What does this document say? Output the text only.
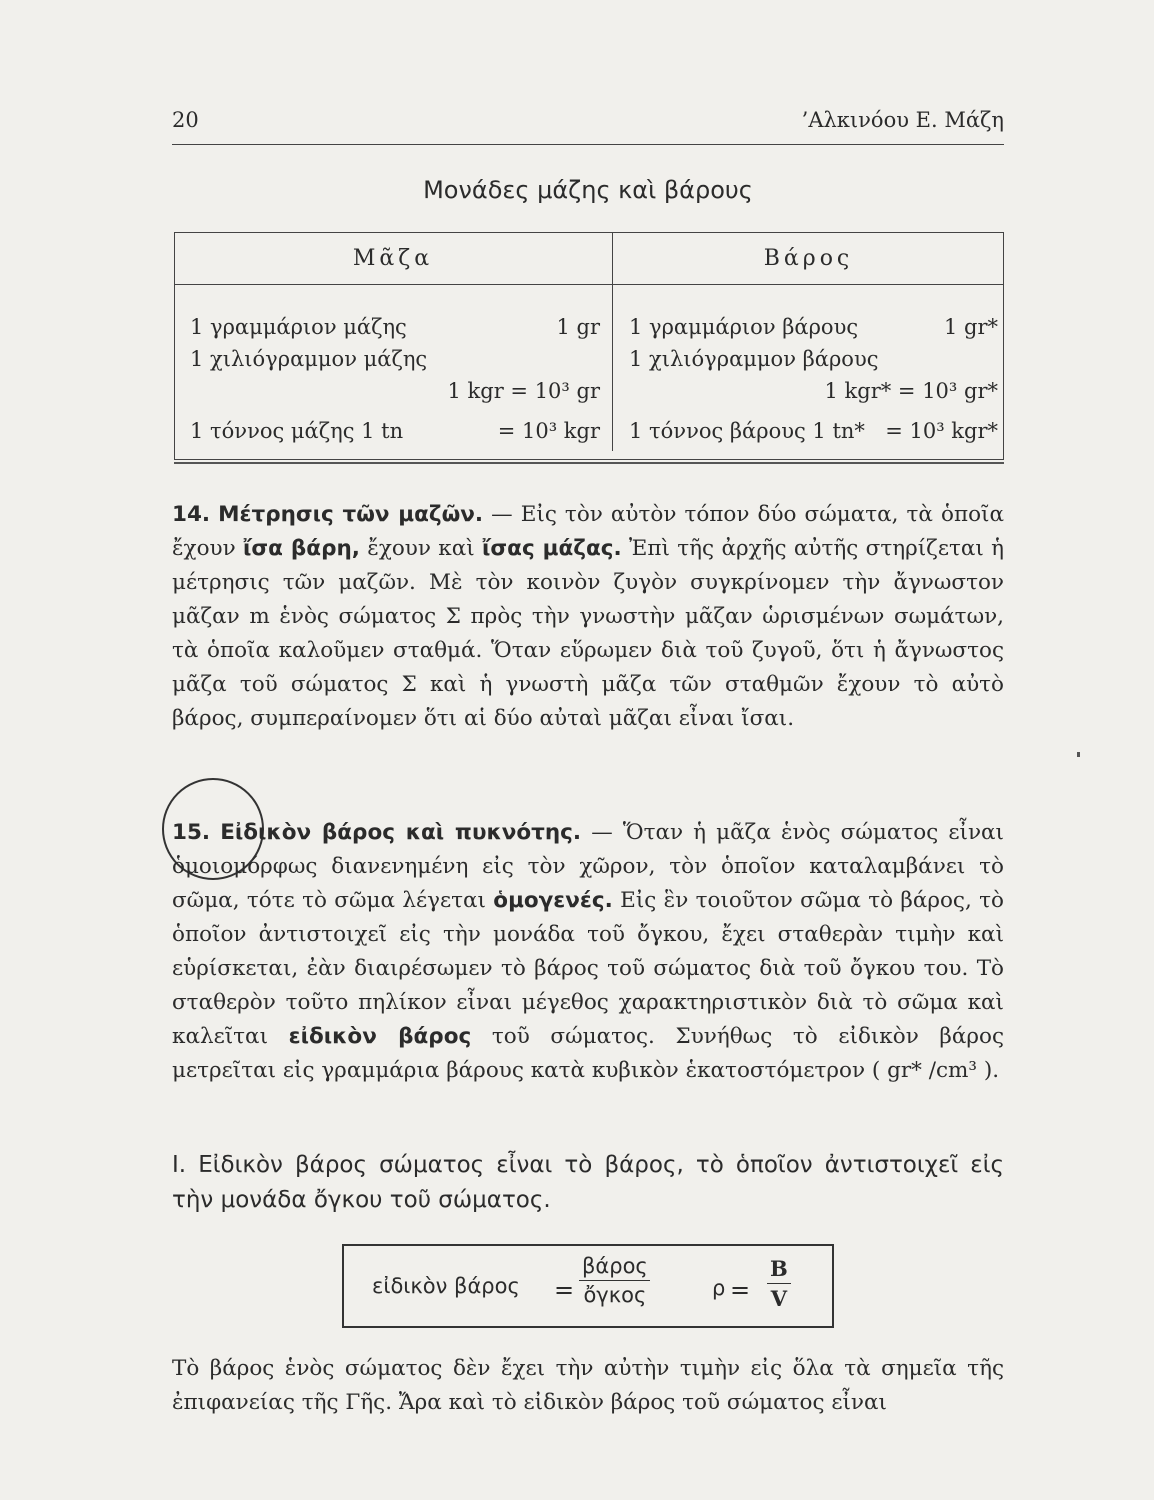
20	’Αλκινόου Ε. Μάζη
Μονάδες μάζης καὶ βάρους
Μᾶζα	Βάρος

1 γραμμάριον μάζης 1 gr	1 γραμμάριον βάρους 1 gr*

1 χιλιόγραμμον μάζης	1 χιλιόγραμμον βάρους
1 kgr = 10³ gr	1 kgr* = 10³ gr*

1 τόννος μάζης 1 tn = 10³ kgr	1 τόννος βάρους 1 tn* = 10³ kgr*
14. Μέτρησις τῶν μαζῶν. — Εἰς τὸν αὐτὸν τόπον δύο σώματα, τὰ ὁποῖα ἔχουν ἴσα βάρη, ἔχουν καὶ ἴσας μάζας. Ἐπὶ τῆς ἀρχῆς αὐτῆς στηρίζεται ἡ μέτρησις τῶν μαζῶν. Μὲ τὸν κοινὸν ζυγὸν συγκρίνομεν τὴν ἄγνωστον μᾶζαν m ἑνὸς σώματος Σ πρὸς τὴν γνωστὴν μᾶζαν ὡρισμένων σωμάτων, τὰ ὁποῖα καλοῦμεν σταθμά. Ὅταν εὕρωμεν διὰ τοῦ ζυγοῦ, ὅτι ἡ ἄγνωστος μᾶζα τοῦ σώματος Σ καὶ ἡ γνωστὴ μᾶζα τῶν σταθμῶν ἔχουν τὸ αὐτὸ βάρος, συμπεραίνομεν ὅτι αἱ δύο αὐταὶ μᾶζαι εἶναι ἴσαι.
15. Εἰδικὸν βάρος καὶ πυκνότης. — Ὅταν ἡ μᾶζα ἑνὸς σώματος εἶναι ὁμοιομόρφως διανενημένη εἰς τὸν χῶρον, τὸν ὁποῖον καταλαμβάνει τὸ σῶμα, τότε τὸ σῶμα λέγεται ὁμογενές. Εἰς ἓν τοιοῦτον σῶμα τὸ βάρος, τὸ ὁποῖον ἀντιστοιχεῖ εἰς τὴν μονάδα τοῦ ὄγκου, ἔχει σταθερὰν τιμὴν καὶ εὑρίσκεται, ἐὰν διαιρέσωμεν τὸ βάρος τοῦ σώματος διὰ τοῦ ὄγκου του. Τὸ σταθερὸν τοῦτο πηλίκον εἶναι μέγεθος χαρακτηριστικὸν διὰ τὸ σῶμα καὶ καλεῖται εἰδικὸν βάρος τοῦ σώματος. Συνήθως τὸ εἰδικὸν βάρος μετρεῖται εἰς γραμμάρια βάρους κατὰ κυβικὸν ἑκατοστόμετρον ( gr* /cm³ ).
Ι. Εἰδικὸν βάρος σώματος εἶναι τὸ βάρος, τὸ ὁποῖον ἀντιστοιχεῖ εἰς τὴν μονάδα ὄγκου τοῦ σώματος.
εἰδικὸν βάρος =
βάρος
ὄγκος	$\rho = \frac{B}{V}$
Τὸ βάρος ἑνὸς σώματος δὲν ἔχει τὴν αὐτὴν τιμὴν εἰς ὅλα τὰ σημεῖα τῆς ἐπιφανείας τῆς Γῆς. Ἄρα καὶ τὸ εἰδικὸν βάρος τοῦ σώματος εἶναι
